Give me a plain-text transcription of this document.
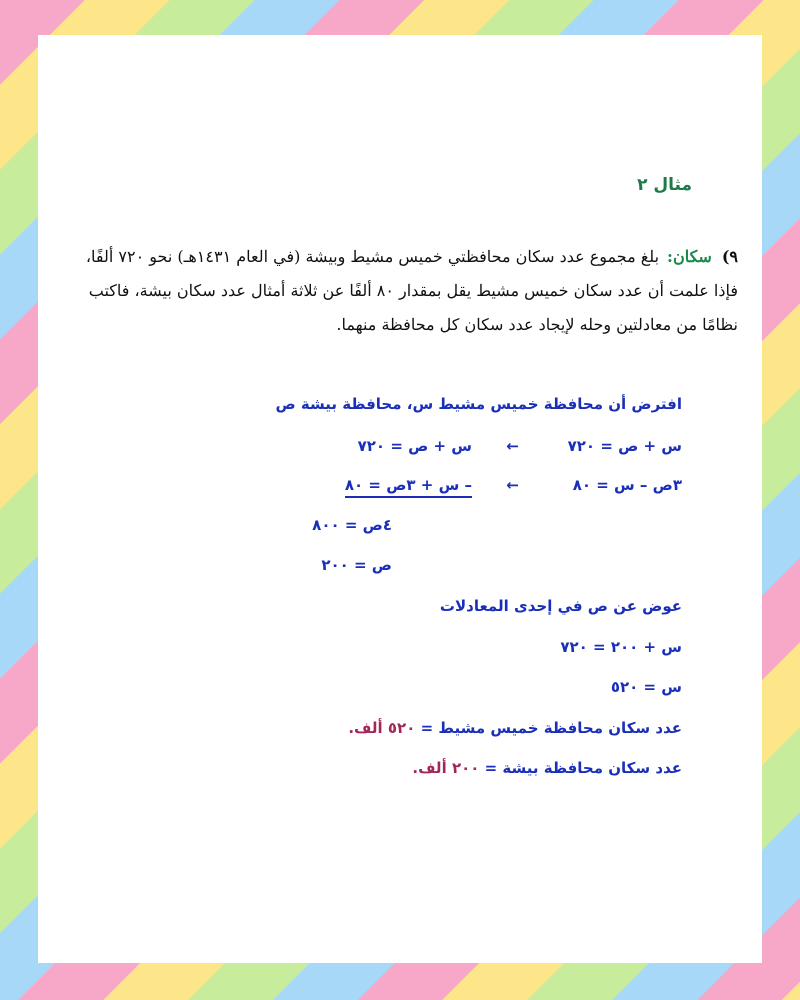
مثال ٢

٩)سكان:بلغ مجموع عدد سكان محافظتي خميس مشيط وبيشة (في العام ١٤٣١هـ) نحو ٧٢٠ ألفًا،

فإذا علمت أن عدد سكان خميس مشيط يقل بمقدار ٨٠ ألفًا عن ثلاثة أمثال عدد سكان بيشة، فاكتب

نظامًا من معادلتين وحله لإيجاد عدد سكان كل محافظة منهما.

افترض أن محافظة خميس مشيط س، محافظة بيشة ص
س + ص = ٧٢٠
←
س + ص = ٧٢٠
٣ص – س = ٨٠
←
– س + ٣ص = ٨٠
٤ص = ٨٠٠
ص = ٢٠٠
عوض عن ص في إحدى المعادلات
س + ٢٠٠ = ٧٢٠
س = ٥٢٠
عدد سكان محافظة خميس مشيط = ٥٢٠ ألف.
عدد سكان محافظة بيشة = ٢٠٠ ألف.
